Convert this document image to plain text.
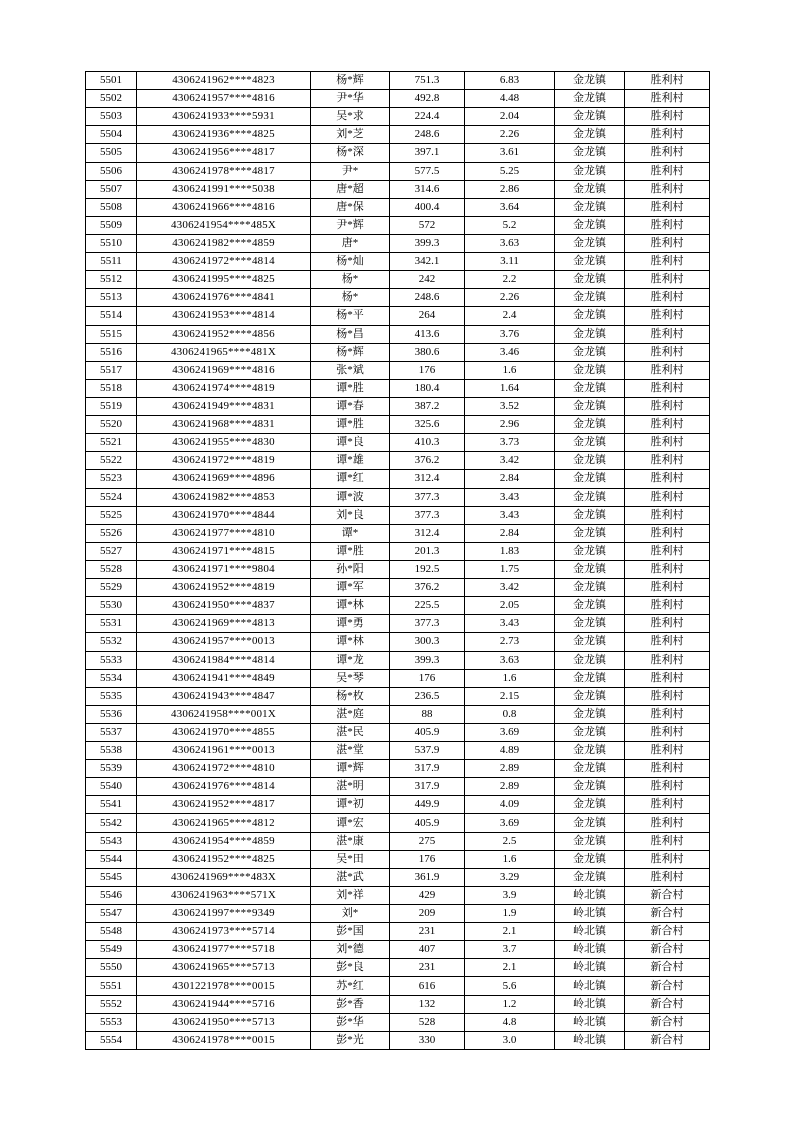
5501	4306241962****4823	杨*辉	751.3	6.83	金龙镇	胜利村
5502	4306241957****4816	尹*华	492.8	4.48	金龙镇	胜利村
5503	4306241933****5931	吴*求	224.4	2.04	金龙镇	胜利村
5504	4306241936****4825	刘*芝	248.6	2.26	金龙镇	胜利村
5505	4306241956****4817	杨*深	397.1	3.61	金龙镇	胜利村
5506	4306241978****4817	尹*	577.5	5.25	金龙镇	胜利村
5507	4306241991****5038	唐*超	314.6	2.86	金龙镇	胜利村
5508	4306241966****4816	唐*保	400.4	3.64	金龙镇	胜利村
5509	4306241954****485X	尹*辉	572	5.2	金龙镇	胜利村
5510	4306241982****4859	唐*	399.3	3.63	金龙镇	胜利村
5511	4306241972****4814	杨*灿	342.1	3.11	金龙镇	胜利村
5512	4306241995****4825	杨*	242	2.2	金龙镇	胜利村
5513	4306241976****4841	杨*	248.6	2.26	金龙镇	胜利村
5514	4306241953****4814	杨*平	264	2.4	金龙镇	胜利村
5515	4306241952****4856	杨*昌	413.6	3.76	金龙镇	胜利村
5516	4306241965****481X	杨*辉	380.6	3.46	金龙镇	胜利村
5517	4306241969****4816	张*斌	176	1.6	金龙镇	胜利村
5518	4306241974****4819	谭*胜	180.4	1.64	金龙镇	胜利村
5519	4306241949****4831	谭*春	387.2	3.52	金龙镇	胜利村
5520	4306241968****4831	谭*胜	325.6	2.96	金龙镇	胜利村
5521	4306241955****4830	谭*良	410.3	3.73	金龙镇	胜利村
5522	4306241972****4819	谭*雄	376.2	3.42	金龙镇	胜利村
5523	4306241969****4896	谭*红	312.4	2.84	金龙镇	胜利村
5524	4306241982****4853	谭*波	377.3	3.43	金龙镇	胜利村
5525	4306241970****4844	刘*良	377.3	3.43	金龙镇	胜利村
5526	4306241977****4810	谭*	312.4	2.84	金龙镇	胜利村
5527	4306241971****4815	谭*胜	201.3	1.83	金龙镇	胜利村
5528	4306241971****9804	孙*阳	192.5	1.75	金龙镇	胜利村
5529	4306241952****4819	谭*军	376.2	3.42	金龙镇	胜利村
5530	4306241950****4837	谭*林	225.5	2.05	金龙镇	胜利村
5531	4306241969****4813	谭*勇	377.3	3.43	金龙镇	胜利村
5532	4306241957****0013	谭*林	300.3	2.73	金龙镇	胜利村
5533	4306241984****4814	谭*龙	399.3	3.63	金龙镇	胜利村
5534	4306241941****4849	吴*琴	176	1.6	金龙镇	胜利村
5535	4306241943****4847	杨*枚	236.5	2.15	金龙镇	胜利村
5536	4306241958****001X	湛*庭	88	0.8	金龙镇	胜利村
5537	4306241970****4855	湛*民	405.9	3.69	金龙镇	胜利村
5538	4306241961****0013	湛*堂	537.9	4.89	金龙镇	胜利村
5539	4306241972****4810	谭*辉	317.9	2.89	金龙镇	胜利村
5540	4306241976****4814	湛*明	317.9	2.89	金龙镇	胜利村
5541	4306241952****4817	谭*初	449.9	4.09	金龙镇	胜利村
5542	4306241965****4812	谭*宏	405.9	3.69	金龙镇	胜利村
5543	4306241954****4859	湛*康	275	2.5	金龙镇	胜利村
5544	4306241952****4825	吴*田	176	1.6	金龙镇	胜利村
5545	4306241969****483X	湛*武	361.9	3.29	金龙镇	胜利村
5546	4306241963****571X	刘*祥	429	3.9	岭北镇	新合村
5547	4306241997****9349	刘*	209	1.9	岭北镇	新合村
5548	4306241973****5714	彭*国	231	2.1	岭北镇	新合村
5549	4306241977****5718	刘*德	407	3.7	岭北镇	新合村
5550	4306241965****5713	彭*良	231	2.1	岭北镇	新合村
5551	4301221978****0015	苏*红	616	5.6	岭北镇	新合村
5552	4306241944****5716	彭*香	132	1.2	岭北镇	新合村
5553	4306241950****5713	彭*华	528	4.8	岭北镇	新合村
5554	4306241978****0015	彭*光	330	3.0	岭北镇	新合村
